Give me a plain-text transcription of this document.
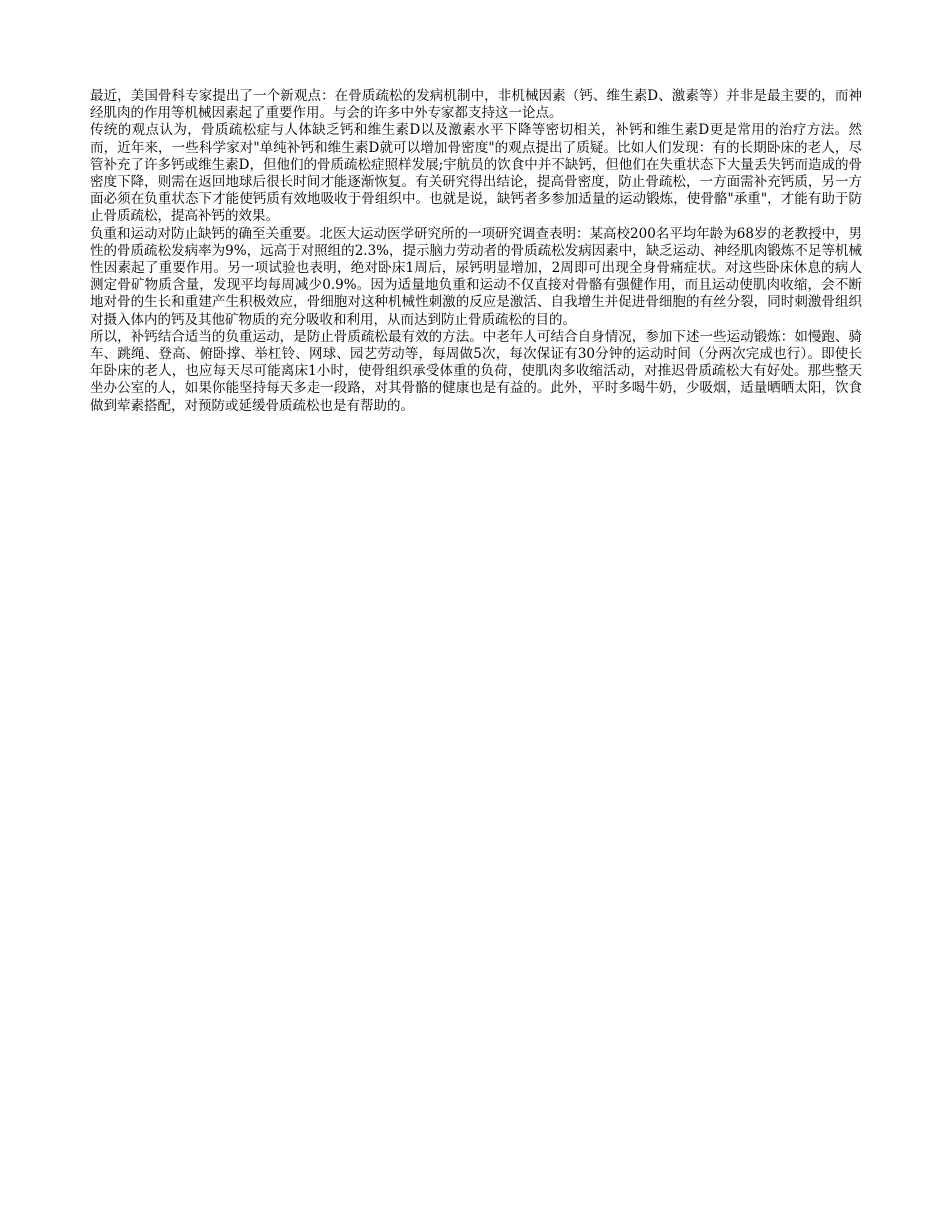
最近，美国骨科专家提出了一个新观点：在骨质疏松的发病机制中，非机械因素（钙、维生素D、激素等）并非是最主要的，而神经肌肉的作用等机械因素起了重要作用。与会的许多中外专家都支持这一论点。

传统的观点认为，骨质疏松症与人体缺乏钙和维生素D以及激素水平下降等密切相关，补钙和维生素D更是常用的治疗方法。然而，近年来，一些科学家对"单纯补钙和维生素D就可以增加骨密度"的观点提出了质疑。比如人们发现：有的长期卧床的老人，尽管补充了许多钙或维生素D，但他们的骨质疏松症照样发展;宇航员的饮食中并不缺钙，但他们在失重状态下大量丢失钙而造成的骨密度下降，则需在返回地球后很长时间才能逐渐恢复。有关研究得出结论，提高骨密度，防止骨疏松，一方面需补充钙质，另一方面必须在负重状态下才能使钙质有效地吸收于骨组织中。也就是说，缺钙者多参加适量的运动锻炼，使骨骼"承重"，才能有助于防止骨质疏松，提高补钙的效果。

负重和运动对防止缺钙的确至关重要。北医大运动医学研究所的一项研究调查表明：某高校200名平均年龄为68岁的老教授中，男性的骨质疏松发病率为9%，远高于对照组的2.3%，提示脑力劳动者的骨质疏松发病因素中，缺乏运动、神经肌肉锻炼不足等机械性因素起了重要作用。另一项试验也表明，绝对卧床1周后，尿钙明显增加，2周即可出现全身骨痛症状。对这些卧床休息的病人测定骨矿物质含量，发现平均每周减少0.9%。因为适量地负重和运动不仅直接对骨骼有强健作用，而且运动使肌肉收缩，会不断地对骨的生长和重建产生积极效应，骨细胞对这种机械性刺激的反应是激活、自我增生并促进骨细胞的有丝分裂，同时刺激骨组织对摄入体内的钙及其他矿物质的充分吸收和利用，从而达到防止骨质疏松的目的。

所以，补钙结合适当的负重运动，是防止骨质疏松最有效的方法。中老年人可结合自身情况，参加下述一些运动锻炼：如慢跑、骑车、跳绳、登高、俯卧撑、举杠铃、网球、园艺劳动等，每周做5次，每次保证有30分钟的运动时间（分两次完成也行）。即使长年卧床的老人，也应每天尽可能离床1小时，使骨组织承受体重的负荷，使肌肉多收缩活动，对推迟骨质疏松大有好处。那些整天坐办公室的人，如果你能坚持每天多走一段路，对其骨骼的健康也是有益的。此外，平时多喝牛奶，少吸烟，适量晒晒太阳，饮食做到荤素搭配，对预防或延缓骨质疏松也是有帮助的。
